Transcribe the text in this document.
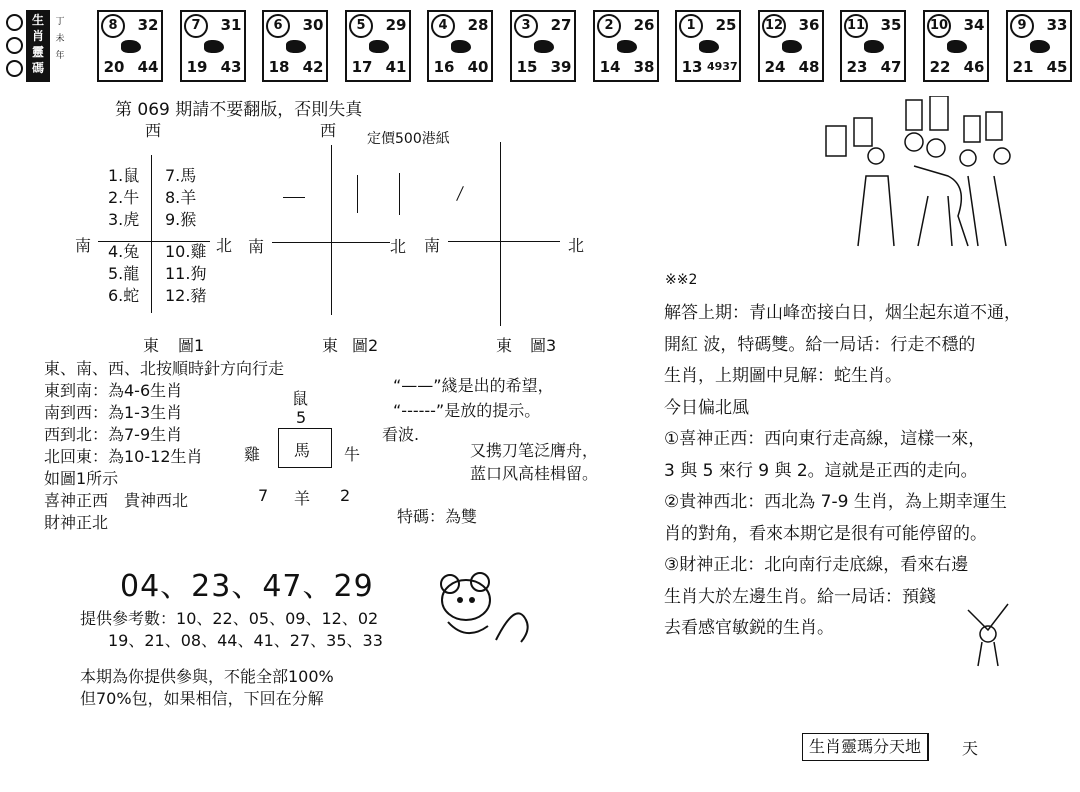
生
肖
靈
碼
丁
未
年
8	32
20 44
7	31
19 43
6	30
18 42
5	29
17 41
4	28
16 40
3	27
15 39
2	26
14 38
1	25
13 4937
12 36
24 48
11 35
23 47
10 34
22 46
9	33
21 45
第 069 期請不要翻版，否則失真
定價500港紙
西
南	北
1.鼠
2.牛
3.虎
4.兔
5.龍
6.蛇
7.馬
8.羊
9.猴
10.雞
11.狗
12.豬
東 圖1
西
南	北
東 圖2
南	北
東 圖3
東、南、西、北按順時針方向行走
東到南：為4-6生肖
南到西：為1-3生肖
西到北：為7-9生肖
北回東：為10-12生肖
如圖1所示
喜神正西　貴神西北
財神正北
鼠
5
雞 馬 牛
7 羊 2
“——”綫是出的希望，
“------”是放的提示。
看波.
又携刀笔泛膺舟，
蓝口风高桂楫留。
特碼：為雙
04、23、47、29
提供參考數：10、22、05、09、12、02
19、21、08、44、41、27、35、33
本期為你提供參與，不能全部100%
但70%包，如果相信，下回在分解
※※2
解答上期：青山峰峦接白日，烟尘起东道不通，
開紅 波，特碼雙。給一局话：行走不穩的
生肖，上期圖中見解：蛇生肖。
今日偏北風
①喜神正西：西向東行走高線，這樣一來，
3 與 5 來行 9 與 2。這就是正西的走向。
②貴神西北：西北為 7-9 生肖，為上期幸運生
肖的對角，看來本期它是很有可能停留的。
③財神正北：北向南行走底線，看來右邊
生肖大於左邊生肖。給一局话：預錢
去看感官敏鋭的生肖。
生肖靈瑪分天地	天
